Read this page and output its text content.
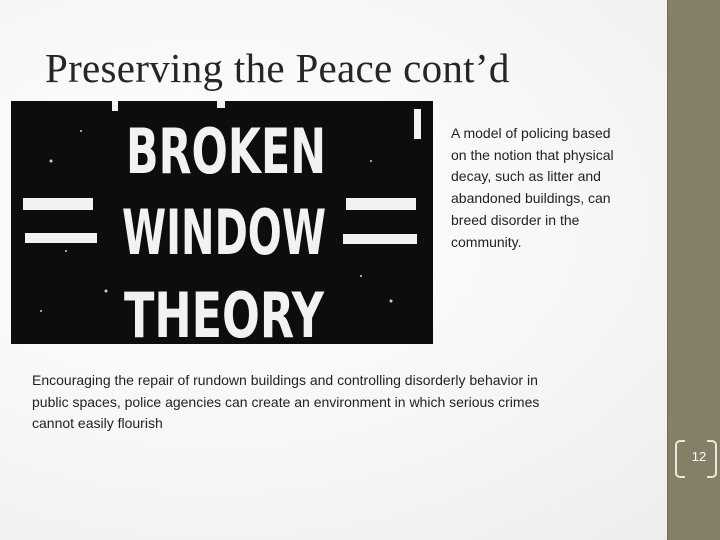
Preserving the Peace cont’d
BROKEN
WINDOW
THEORY
A model of policing based on the notion that physical decay, such as litter and abandoned buildings, can breed disorder in the community.
Encouraging the repair of rundown buildings and controlling disorderly behavior in public spaces, police agencies can create an environment in which serious crimes cannot easily flourish
12
